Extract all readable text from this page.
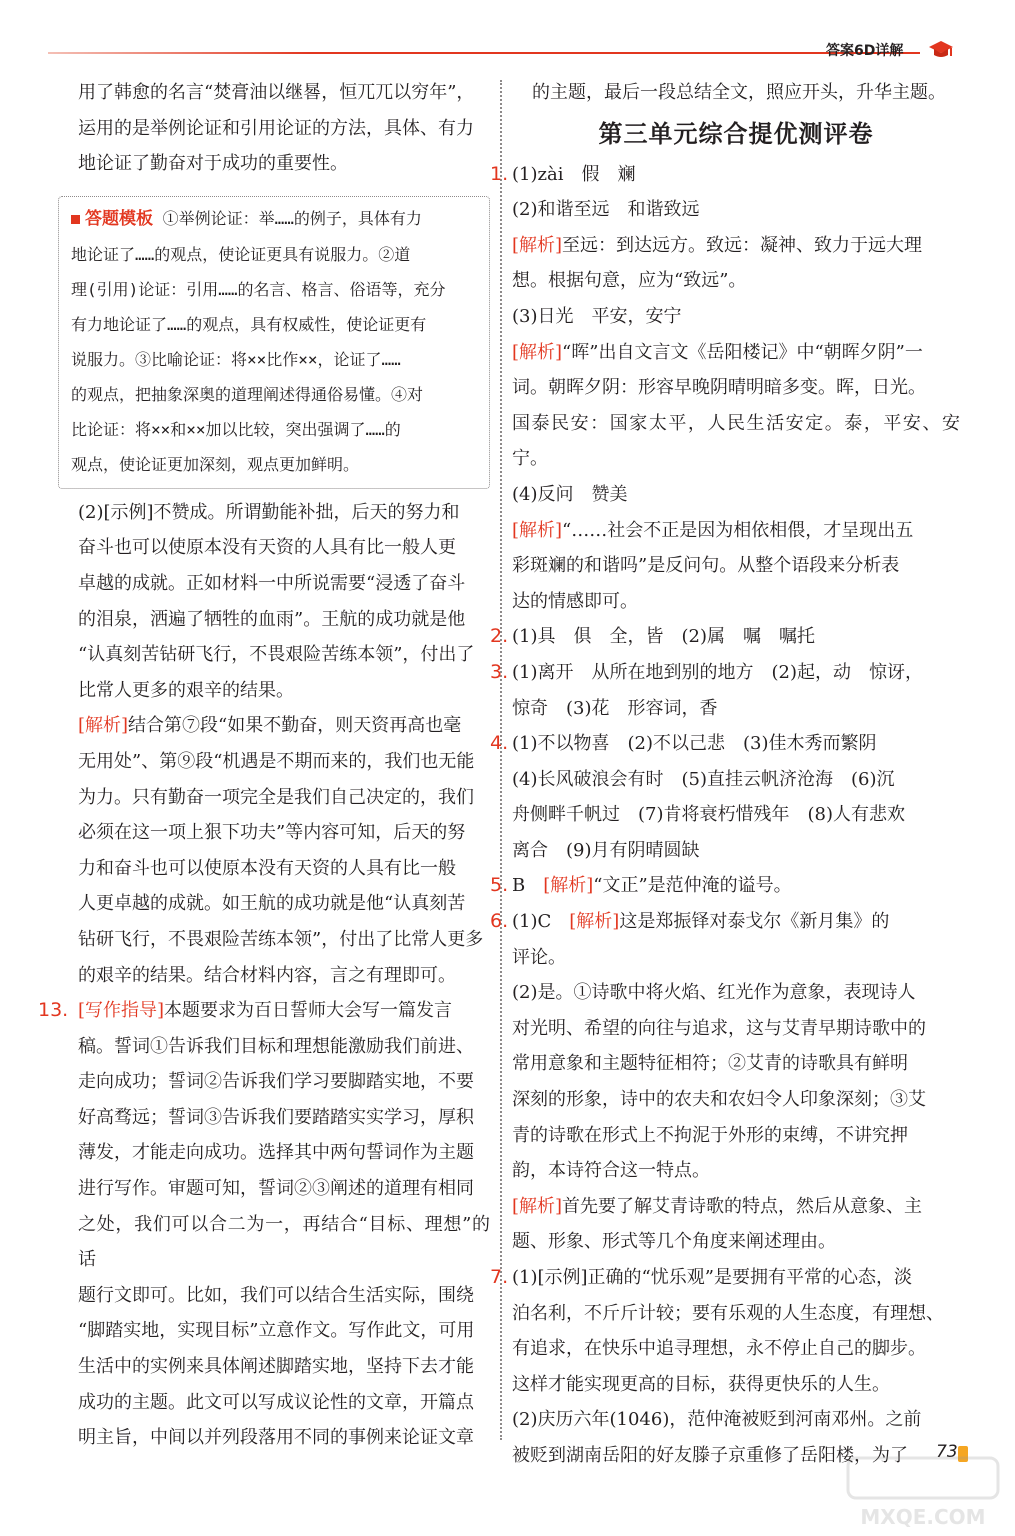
答案6D详解

用了韩愈的名言“焚膏油以继晷，恒兀兀以穷年”，

运用的是举例论证和引用论证的方法，具体、有力

地论证了勤奋对于成功的重要性。

答题模板 ①举例论证：举……的例子，具体有力
地论证了……的观点，使论证更具有说服力。②道
理(引用)论证：引用……的名言、格言、俗语等，充分
有力地论证了……的观点，具有权威性，使论证更有
说服力。③比喻论证：将××比作××，论证了……
的观点，把抽象深奥的道理阐述得通俗易懂。④对
比论证：将××和××加以比较，突出强调了……的
观点，使论证更加深刻，观点更加鲜明。

(2)[示例]不赞成。所谓勤能补拙，后天的努力和

奋斗也可以使原本没有天资的人具有比一般人更

卓越的成就。正如材料一中所说需要“浸透了奋斗

的泪泉，洒遍了牺牲的血雨”。王航的成功就是他

“认真刻苦钻研飞行，不畏艰险苦练本领”，付出了

比常人更多的艰辛的结果。

[解析]结合第⑦段“如果不勤奋，则天资再高也毫

无用处”、第⑨段“机遇是不期而来的，我们也无能

为力。只有勤奋一项完全是我们自己决定的，我们

必须在这一项上狠下功夫”等内容可知，后天的努

力和奋斗也可以使原本没有天资的人具有比一般

人更卓越的成就。如王航的成功就是他“认真刻苦

钻研飞行，不畏艰险苦练本领”，付出了比常人更多

的艰辛的结果。结合材料内容，言之有理即可。

13. [写作指导]本题要求为百日誓师大会写一篇发言

稿。誓词①告诉我们目标和理想能激励我们前进、

走向成功；誓词②告诉我们学习要脚踏实地，不要

好高骛远；誓词③告诉我们要踏踏实实学习，厚积

薄发，才能走向成功。选择其中两句誓词作为主题

进行写作。审题可知，誓词②③阐述的道理有相同

之处，我们可以合二为一，再结合“目标、理想”的话

题行文即可。比如，我们可以结合生活实际，围绕

“脚踏实地，实现目标”立意作文。写作此文，可用

生活中的实例来具体阐述脚踏实地，坚持下去才能

成功的主题。此文可以写成议论性的文章，开篇点

明主旨，中间以并列段落用不同的事例来论证文章

的主题，最后一段总结全文，照应开头，升华主题。

第三单元综合提优测评卷

1. (1)zài　假　斓

(2)和谐至远　和谐致远

[解析]至远：到达远方。致远：凝神、致力于远大理

想。根据句意，应为“致远”。

(3)日光　平安，安宁

[解析]“晖”出自文言文《岳阳楼记》中“朝晖夕阴”一

词。朝晖夕阴：形容早晚阴晴明暗多变。晖，日光。

国泰民安：国家太平，人民生活安定。泰，平安、安宁。

(4)反问　赞美

[解析]“……社会不正是因为相依相偎，才呈现出五

彩斑斓的和谐吗”是反问句。从整个语段来分析表

达的情感即可。

2. (1)具　俱　全，皆　(2)属　嘱　嘱托

3. (1)离开　从所在地到别的地方　(2)起，动　惊讶，

惊奇　(3)花　形容词，香

4. (1)不以物喜　(2)不以己悲　(3)佳木秀而繁阴

(4)长风破浪会有时　(5)直挂云帆济沧海　(6)沉

舟侧畔千帆过　(7)肯将衰朽惜残年　(8)人有悲欢

离合　(9)月有阴晴圆缺

5. B　[解析]“文正”是范仲淹的谥号。

6. (1)C　[解析]这是郑振铎对泰戈尔《新月集》的

评论。

(2)是。①诗歌中将火焰、红光作为意象，表现诗人

对光明、希望的向往与追求，这与艾青早期诗歌中的

常用意象和主题特征相符；②艾青的诗歌具有鲜明

深刻的形象，诗中的农夫和农妇令人印象深刻；③艾

青的诗歌在形式上不拘泥于外形的束缚，不讲究押

韵，本诗符合这一特点。

[解析]首先要了解艾青诗歌的特点，然后从意象、主

题、形象、形式等几个角度来阐述理由。

7. (1)[示例]正确的“忧乐观”是要拥有平常的心态，淡

泊名利，不斤斤计较；要有乐观的人生态度，有理想、

有追求，在快乐中追寻理想，永不停止自己的脚步。

这样才能实现更高的目标，获得更快乐的人生。

(2)庆历六年(1046)，范仲淹被贬到河南邓州。之前

被贬到湖南岳阳的好友滕子京重修了岳阳楼，为了	73
MXQE.COM
